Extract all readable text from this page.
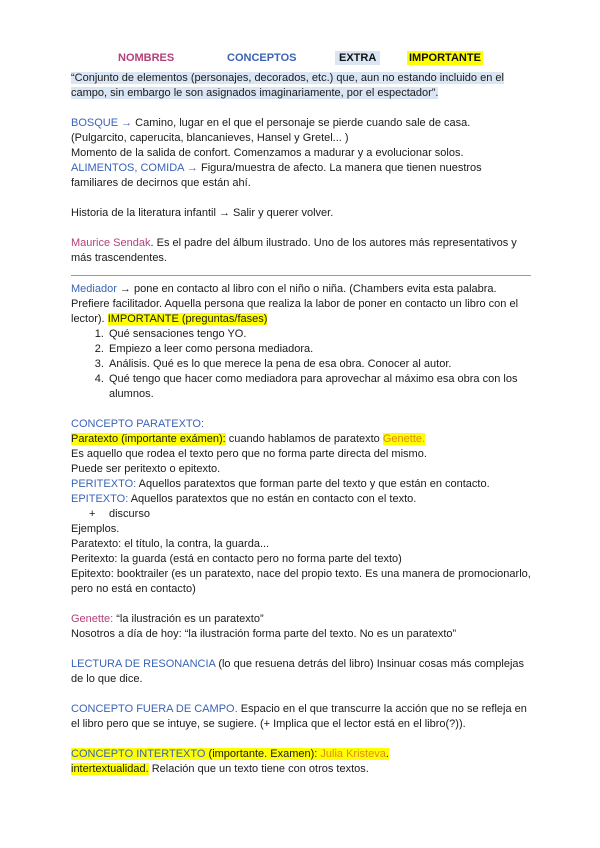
NOMBRES	CONCEPTOS	EXTRA	IMPORTANTE

“Conjunto de elementos (personajes, decorados, etc.) que, aun no estando incluido en el campo, sin embargo le son asignados imaginariamente, por el espectador”.

BOSQUE → Camino, lugar en el que el personaje se pierde cuando sale de casa.

(Pulgarcito, caperucita, blancanieves, Hansel y Gretel... )

Momento de la salida de confort. Comenzamos a madurar y a evolucionar solos.

ALIMENTOS, COMIDA → Figura/muestra de afecto. La manera que tienen nuestros familiares de decirnos que están ahí.

Historia de la literatura infantil → Salir y querer volver.

Maurice Sendak. Es el padre del álbum ilustrado. Uno de los autores más representativos y más trascendentes.

Mediador → pone en contacto al libro con el niño o niña. (Chambers evita esta palabra. Prefiere facilitador. Aquella persona que realiza la labor de poner en contacto un libro con el lector). IMPORTANTE (preguntas/fases)

1. Qué sensaciones tengo YO.
2. Empiezo a leer como persona mediadora.
3. Análisis. Qué es lo que merece la pena de esa obra. Conocer al autor.
4. Qué tengo que hacer como mediadora para aprovechar al máximo esa obra con los alumnos.

CONCEPTO PARATEXTO:

Paratexto (importante exámen): cuando hablamos de paratexto Genette.

Es aquello que rodea el texto pero que no forma parte directa del mismo.

Puede ser peritexto o epitexto.

PERITEXTO: Aquellos paratextos que forman parte del texto y que están en contacto.

EPITEXTO: Aquellos paratextos que no están en contacto con el texto.

+ discurso

Ejemplos.

Paratexto: el título, la contra, la guarda...

Peritexto: la guarda (está en contacto pero no forma parte del texto)

Epitexto: booktrailer (es un paratexto, nace del propio texto. Es una manera de promocionarlo, pero no está en contacto)

Genette: “la ilustración es un paratexto”

Nosotros a día de hoy: “la ilustración forma parte del texto. No es un paratexto”

LECTURA DE RESONANCIA (lo que resuena detrás del libro) Insinuar cosas más complejas de lo que dice.

CONCEPTO FUERA DE CAMPO. Espacio en el que transcurre la acción que no se refleja en el libro pero que se intuye, se sugiere. (+ Implica que el lector está en el libro(?)).

CONCEPTO INTERTEXTO (importante. Examen): Julia Kristeva.

intertextualidad. Relación que un texto tiene con otros textos.
